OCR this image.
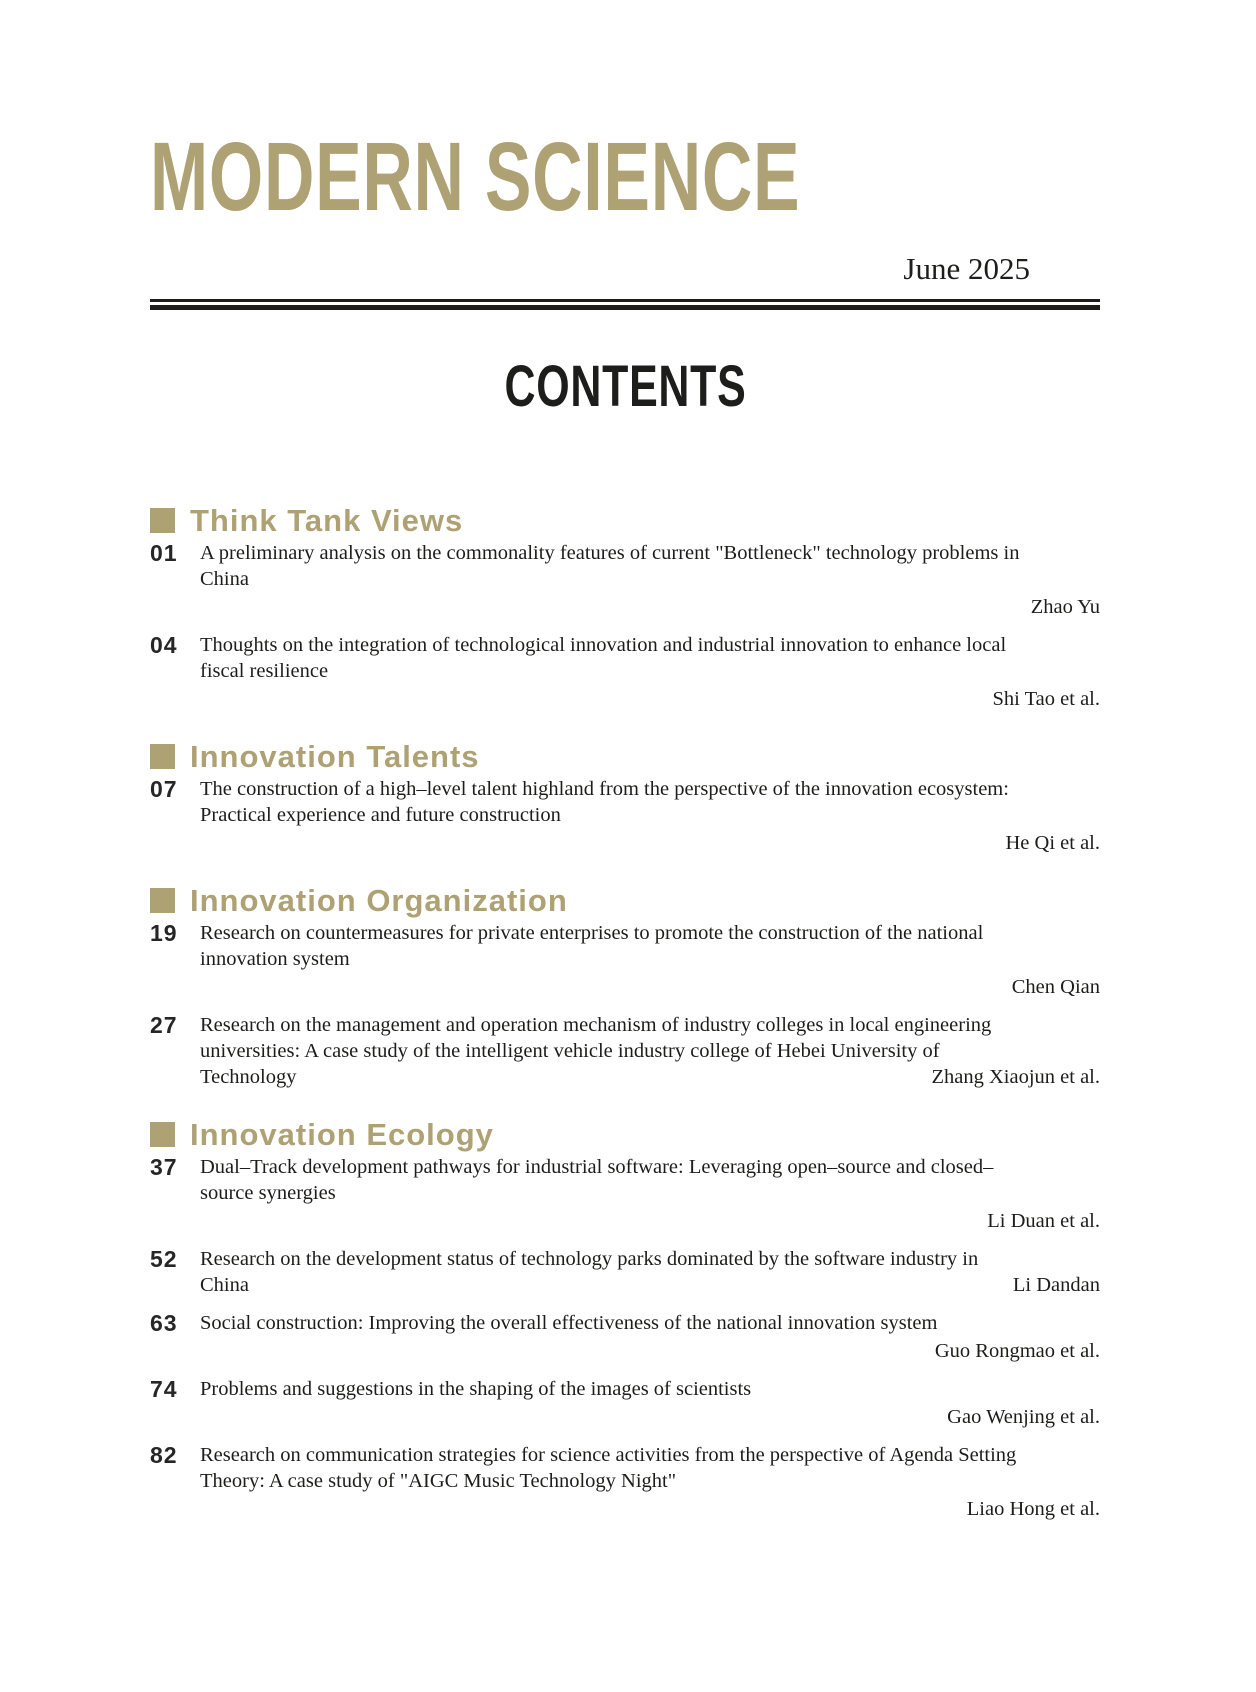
MODERN SCIENCE
June 2025
CONTENTS
Think Tank Views
01	A preliminary analysis on the commonality features of current "Bottleneck" technology problems in
China
Zhao Yu
04	Thoughts on the integration of technological innovation and industrial innovation to enhance local
fiscal resilience
Shi Tao et al.
Innovation Talents
07	The construction of a high–level talent highland from the perspective of the innovation ecosystem:
Practical experience and future construction
He Qi et al.
Innovation Organization
19	Research on countermeasures for private enterprises to promote the construction of the national
innovation system
Chen Qian
27	Research on the management and operation mechanism of industry colleges in local engineering
universities: A case study of the intelligent vehicle industry college of Hebei University of
Technology	Zhang Xiaojun et al.
Innovation Ecology
37	Dual–Track development pathways for industrial software: Leveraging open–source and closed–
source synergies
Li Duan et al.
52	Research on the development status of technology parks dominated by the software industry in
China	Li Dandan
63	Social construction: Improving the overall effectiveness of the national innovation system
Guo Rongmao et al.
74	Problems and suggestions in the shaping of the images of scientists
Gao Wenjing et al.
82	Research on communication strategies for science activities from the perspective of Agenda Setting
Theory: A case study of "AIGC Music Technology Night"
Liao Hong et al.
